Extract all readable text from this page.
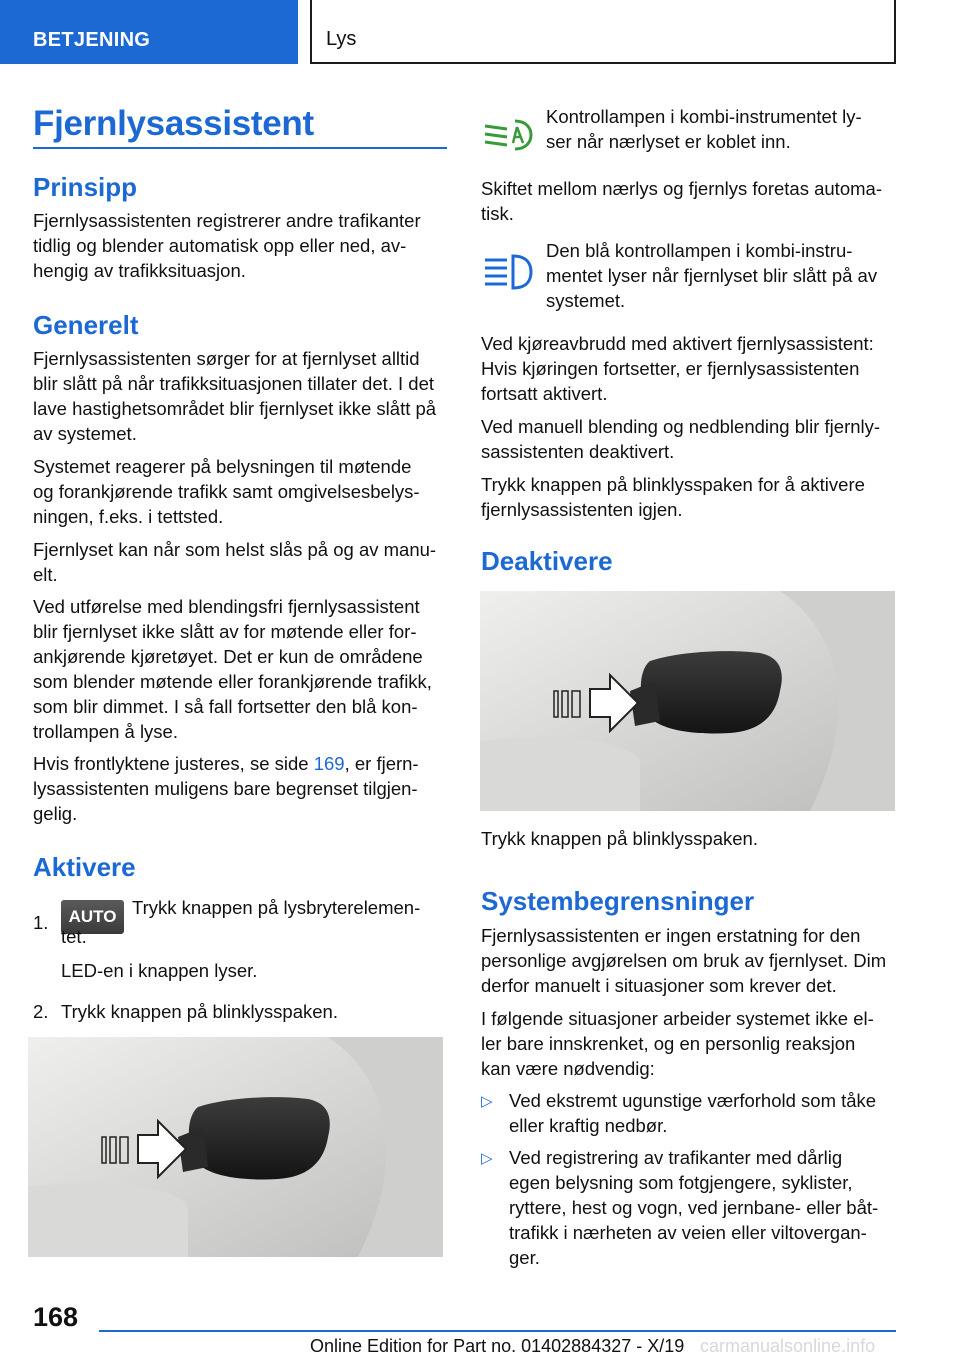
BETJENING	Lys
Fjernlysassistent
Prinsipp
Fjernlysassistenten registrerer andre trafikanter
tidlig og blender automatisk opp eller ned, av-
hengig av trafikksituasjon.
Generelt
Fjernlysassistenten sørger for at fjernlyset alltid
blir slått på når trafikksituasjonen tillater det. I det
lave hastighetsområdet blir fjernlyset ikke slått på
av systemet.
Systemet reagerer på belysningen til møtende
og forankjørende trafikk samt omgivelsesbelys-
ningen, f.eks. i tettsted.
Fjernlyset kan når som helst slås på og av manu-
elt.
Ved utførelse med blendingsfri fjernlysassistent
blir fjernlyset ikke slått av for møtende eller for-
ankjørende kjøretøyet. Det er kun de områdene
som blender møtende eller forankjørende trafikk,
som blir dimmet. I så fall fortsetter den blå kon-
trollampen å lyse.
Hvis frontlyktene justeres, se side 169, er fjern-
lysassistenten muligens bare begrenset tilgjen-
gelig.
Aktivere
1.	AUTO Trykk knappen på lysbryterelemen-
tet.
LED-en i knappen lyser.
2. Trykk knappen på blinklysspaken.
Kontrollampen i kombi-instrumentet ly-
ser når nærlyset er koblet inn.
Skiftet mellom nærlys og fjernlys foretas automa-
tisk.
Den blå kontrollampen i kombi-instru-
mentet lyser når fjernlyset blir slått på av
systemet.
Ved kjøreavbrudd med aktivert fjernlysassistent:
Hvis kjøringen fortsetter, er fjernlysassistenten
fortsatt aktivert.
Ved manuell blending og nedblending blir fjernly-
sassistenten deaktivert.
Trykk knappen på blinklysspaken for å aktivere
fjernlysassistenten igjen.
Deaktivere
Trykk knappen på blinklysspaken.
Systembegrensninger
Fjernlysassistenten er ingen erstatning for den
personlige avgjørelsen om bruk av fjernlyset. Dim
derfor manuelt i situasjoner som krever det.
I følgende situasjoner arbeider systemet ikke el-
ler bare innskrenket, og en personlig reaksjon
kan være nødvendig:
▷ Ved ekstremt ugunstige værforhold som tåke
eller kraftig nedbør.
▷ Ved registrering av trafikanter med dårlig
egen belysning som fotgjengere, syklister,
ryttere, hest og vogn, ved jernbane- eller båt-
trafikk i nærheten av veien eller viltovergan-
ger.
168
Online Edition for Part no. 01402884327 - X/19 carmanualsonline.info
